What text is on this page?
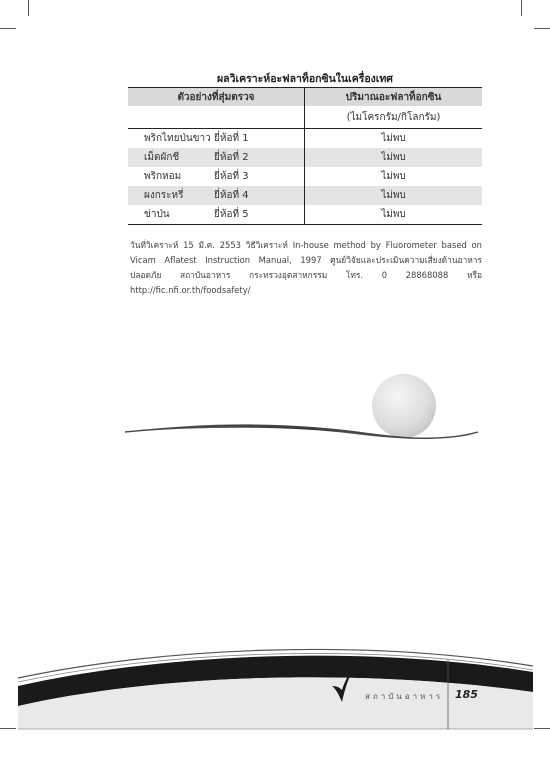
ผลวิเคราะห์อะฟลาท็อกซินในเครื่องเทศ
ตัวอย่างที่สุ่มตรวจ		ปริมาณอะฟลาท็อกซิน
		(ไมโครกรัม/กิโลกรัม)
พริกไทยป่นขาว	ยี่ห้อที่ 1	ไม่พบ
เม็ดผักชี	ยี่ห้อที่ 2	ไม่พบ
พริกหอม	ยี่ห้อที่ 3	ไม่พบ
ผงกระหรี่	ยี่ห้อที่ 4	ไม่พบ
ข่าป่น	ยี่ห้อที่ 5	ไม่พบ
วันที่วิเคราะห์ 15 มี.ค. 2553 วิธีวิเคราะห์ In-house method by Fluorometer based on Vicam Aflatest Instruction Manual, 1997 ศูนย์วิจัยและประเมินความเสี่ยงด้านอาหารปลอดภัย สถาบันอาหาร กระทรวงอุตสาหกรรม โทร. 0 28868088 หรือ http://fic.nfi.or.th/foodsafety/
สถาบันอาหาร 185
